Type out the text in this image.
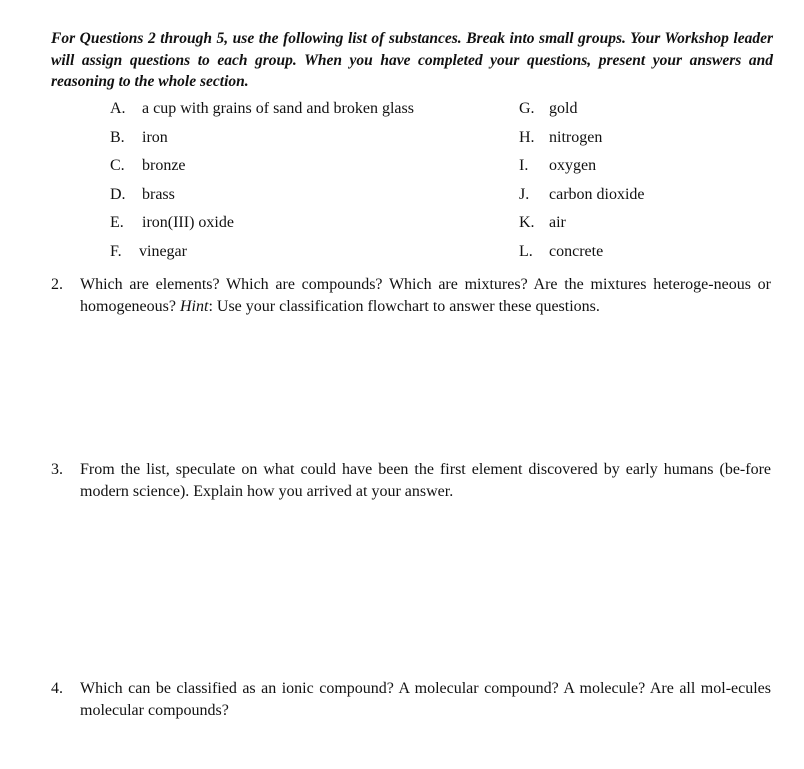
For Questions 2 through 5, use the following list of substances. Break into small groups. Your Workshop leader will assign questions to each group. When you have completed your questions, present your answers and reasoning to the whole section.

A. a cup with grains of sand and broken glass
B. iron
C. bronze
D. brass
E. iron(III) oxide
F. vinegar
G. gold
H. nitrogen
I. oxygen
J. carbon dioxide
K. air
L. concrete
2. Which are elements? Which are compounds? Which are mixtures? Are the mixtures heteroge-neous or homogeneous? Hint: Use your classification flowchart to answer these questions.
3. From the list, speculate on what could have been the first element discovered by early humans (be-fore modern science). Explain how you arrived at your answer.
4. Which can be classified as an ionic compound? A molecular compound? A molecule? Are all mol-ecules molecular compounds?
